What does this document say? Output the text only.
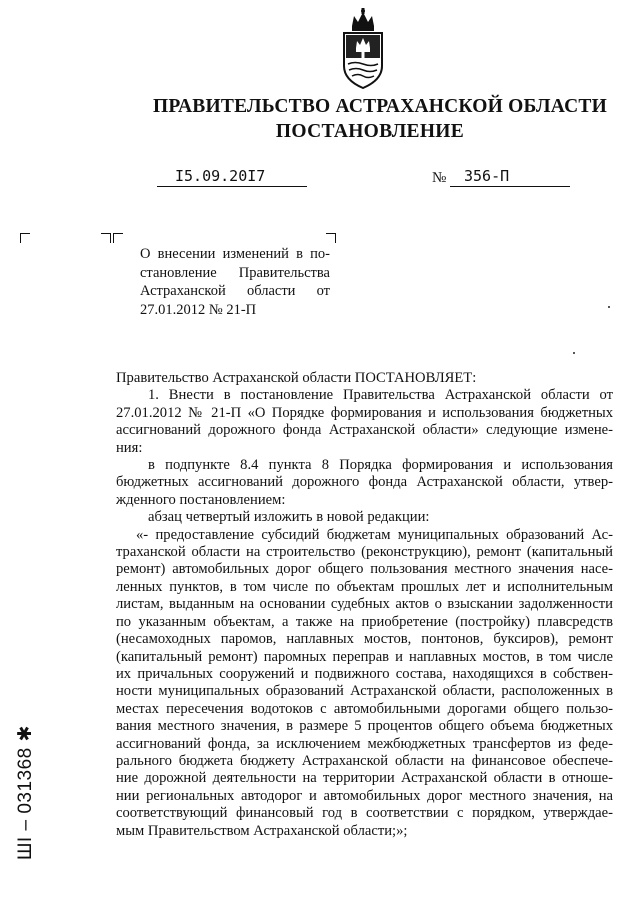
ПРАВИТЕЛЬСТВО АСТРАХАНСКОЙ ОБЛАСТИ
ПОСТАНОВЛЕНИЕ
I5.09.20I7	№	356-П
О внесении изменений в по-
становление Правительства
Астраханской области от
27.01.2012 № 21-П
Правительство Астраханской области ПОСТАНОВЛЯЕТ:
1. Внести в постановление Правительства Астраханской области от
27.01.2012 № 21-П «О Порядке формирования и использования бюджетных
ассигнований дорожного фонда Астраханской области» следующие измене-
ния:
в подпункте 8.4 пункта 8 Порядка формирования и использования
бюджетных ассигнований дорожного фонда Астраханской области, утвер-
жденного постановлением:
абзац четвертый изложить в новой редакции:
«- предоставление субсидий бюджетам муниципальных образований Ас-
траханской области на строительство (реконструкцию), ремонт (капитальный
ремонт) автомобильных дорог общего пользования местного значения насе-
ленных пунктов, в том числе по объектам прошлых лет и исполнительным
листам, выданным на основании судебных актов о взыскании задолженности
по указанным объектам, а также на приобретение (постройку) плавсредств
(несамоходных паромов, наплавных мостов, понтонов, буксиров), ремонт
(капитальный ремонт) паромных переправ и наплавных мостов, в том числе
их причальных сооружений и подвижного состава, находящихся в собствен-
ности муниципальных образований Астраханской области, расположенных в
местах пересечения водотоков с автомобильными дорогами общего пользо-
вания местного значения, в размере 5 процентов общего объема бюджетных
ассигнований фонда, за исключением межбюджетных трансфертов из феде-
рального бюджета бюджету Астраханской области на финансовое обеспече-
ние дорожной деятельности на территории Астраханской области в отноше-
нии региональных автодорог и автомобильных дорог местного значения, на
соответствующий финансовый год в соответствии с порядком, утверждае-
мым Правительством Астраханской области;»;
ШI – 031368 ✱
